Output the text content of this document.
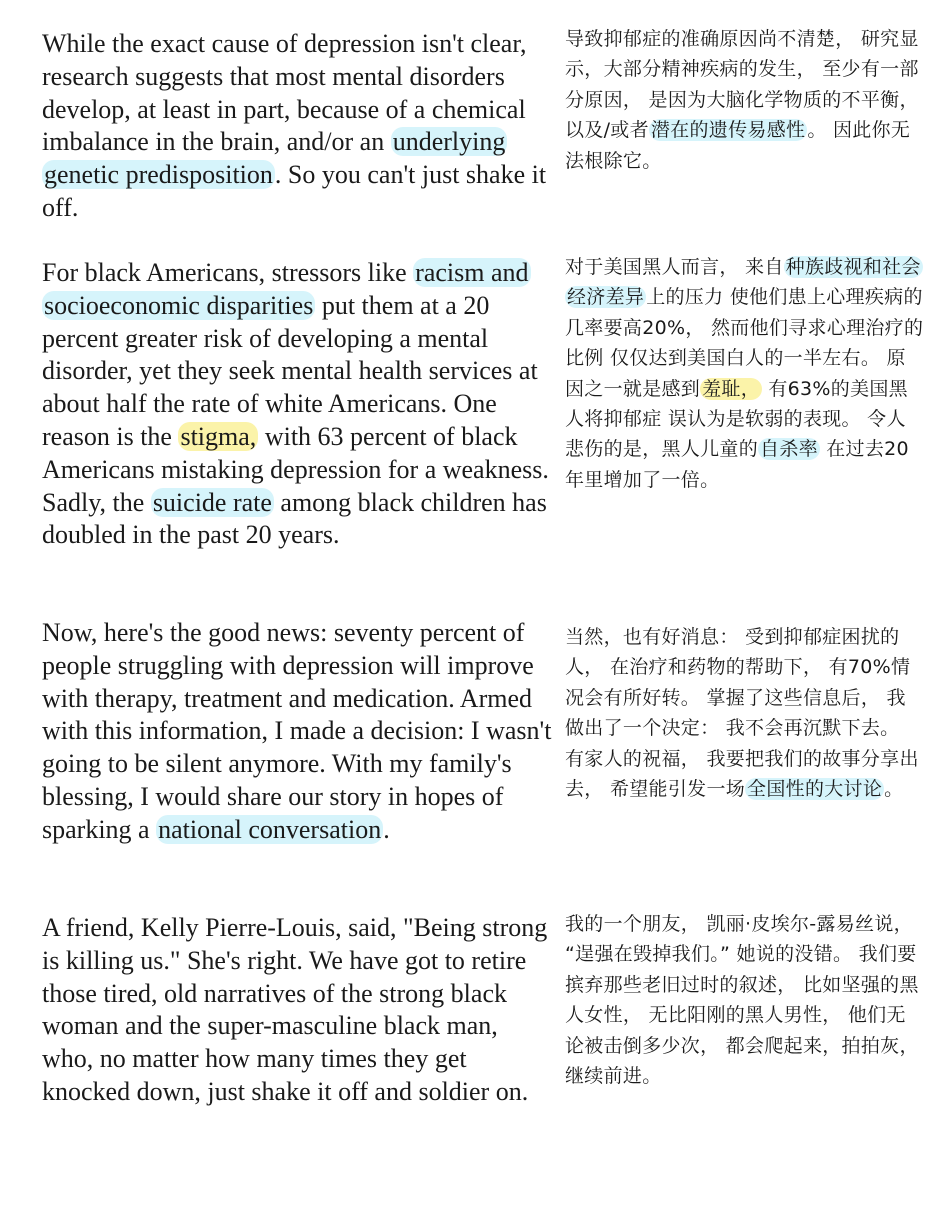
While the exact cause of depression isn't clear, research suggests that most mental disorders develop, at least in part, because of a chemical imbalance in the brain, and/or an underlying genetic predisposition. So you can't just shake it off.

导致抑郁症的准确原因尚不清楚， 研究显示，大部分精神疾病的发生， 至少有一部分原因， 是因为大脑化学物质的不平衡， 以及/或者 潜在的遗传易感性 。 因此你无法根除它。

For black Americans, stressors like racism and socioeconomic disparities put them at a 20 percent greater risk of developing a mental disorder, yet they seek mental health services at about half the rate of white Americans. One reason is the stigma, with 63 percent of black Americans mistaking depression for a weakness. Sadly, the suicide rate among black children has doubled in the past 20 years.

对于美国黑人而言， 来自 种族歧视和社会经济差异 上的压力 使他们患上心理疾病的 几率要高20%， 然而他们寻求心理治疗的比例 仅仅达到美国白人的一半左右。 原因之一就是感到 羞耻， 有63%的美国黑人将抑郁症 误认为是软弱的表现。 令人悲伤的是，黑人儿童的 自杀率 在过去20年里增加了一倍。

Now, here's the good news: seventy percent of people struggling with depression will improve with therapy, treatment and medication. Armed with this information, I made a decision: I wasn't going to be silent anymore. With my family's blessing, I would share our story in hopes of sparking a national conversation.

当然，也有好消息： 受到抑郁症困扰的人， 在治疗和药物的帮助下， 有70%情况会有所好转。 掌握了这些信息后， 我做出了一个决定： 我不会再沉默下去。 有家人的祝福， 我要把我们的故事分享出去， 希望能引发一场 全国性的大讨论 。

A friend, Kelly Pierre-Louis, said, "Being strong is killing us." She's right. We have got to retire those tired, old narratives of the strong black woman and the super-masculine black man, who, no matter how many times they get knocked down, just shake it off and soldier on.

我的一个朋友， 凯丽·皮埃尔-露易丝说， “逞强在毁掉我们。” 她说的没错。 我们要摈弃那些老旧过时的叙述， 比如坚强的黑人女性， 无比阳刚的黑人男性， 他们无论被击倒多少次， 都会爬起来，拍拍灰，继续前进。
